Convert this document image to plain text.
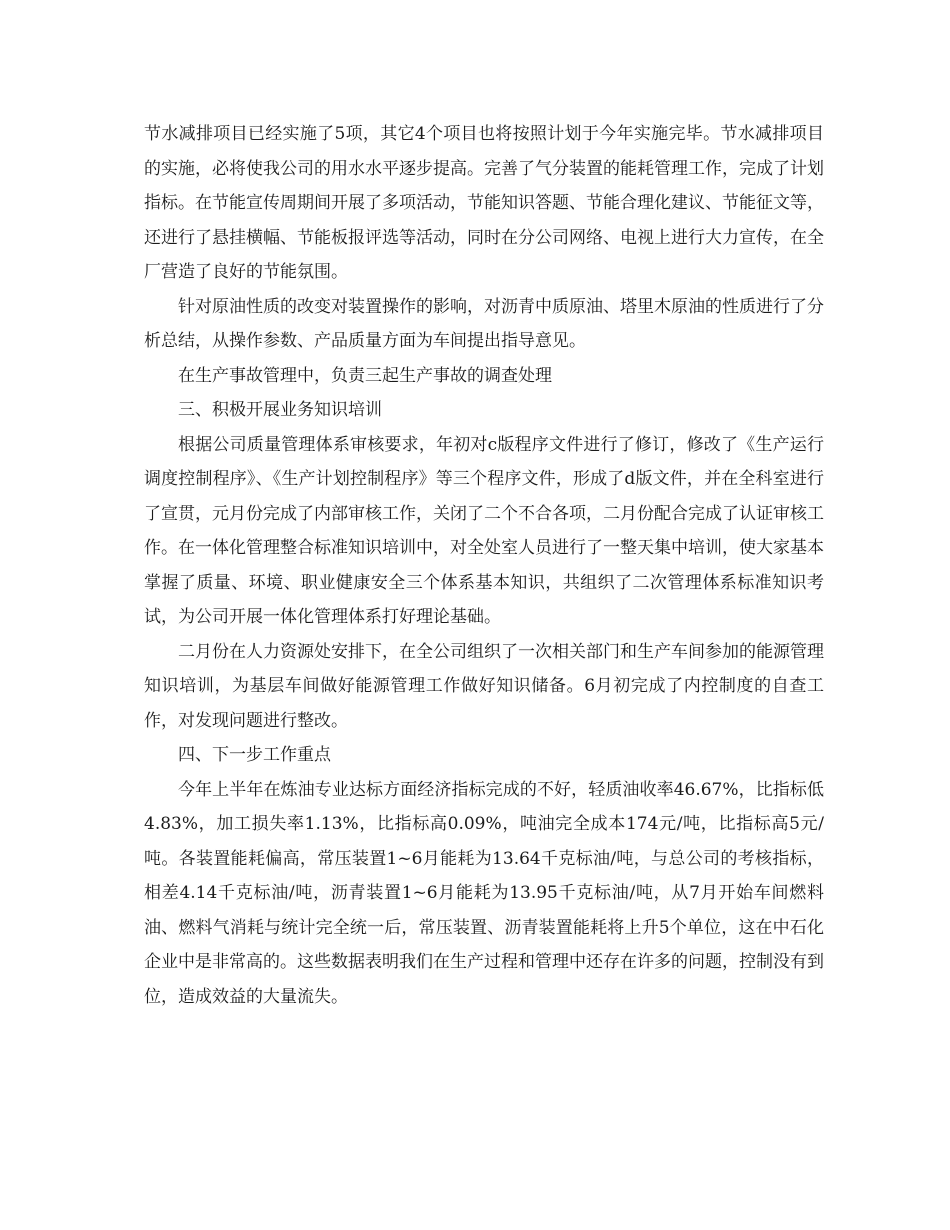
节水减排项目已经实施了5项，其它4个项目也将按照计划于今年实施完毕。节水减排项目的实施，必将使我公司的用水水平逐步提高。完善了气分装置的能耗管理工作，完成了计划指标。在节能宣传周期间开展了多项活动，节能知识答题、节能合理化建议、节能征文等，还进行了悬挂横幅、节能板报评选等活动，同时在分公司网络、电视上进行大力宣传，在全厂营造了良好的节能氛围。

针对原油性质的改变对装置操作的影响，对沥青中质原油、塔里木原油的性质进行了分析总结，从操作参数、产品质量方面为车间提出指导意见。

在生产事故管理中，负责三起生产事故的调查处理

三、积极开展业务知识培训

根据公司质量管理体系审核要求，年初对c版程序文件进行了修订，修改了《生产运行调度控制程序》、《生产计划控制程序》等三个程序文件，形成了d版文件，并在全科室进行了宣贯，元月份完成了内部审核工作，关闭了二个不合各项，二月份配合完成了认证审核工作。在一体化管理整合标准知识培训中，对全处室人员进行了一整天集中培训，使大家基本掌握了质量、环境、职业健康安全三个体系基本知识，共组织了二次管理体系标准知识考试，为公司开展一体化管理体系打好理论基础。

二月份在人力资源处安排下，在全公司组织了一次相关部门和生产车间参加的能源管理知识培训，为基层车间做好能源管理工作做好知识储备。6月初完成了内控制度的自查工作，对发现问题进行整改。

四、下一步工作重点

今年上半年在炼油专业达标方面经济指标完成的不好，轻质油收率46.67%，比指标低4.83%，加工损失率1.13%，比指标高0.09%，吨油完全成本174元/吨，比指标高5元/吨。各装置能耗偏高，常压装置1~6月能耗为13.64千克标油/吨，与总公司的考核指标，相差4.14千克标油/吨，沥青装置1~6月能耗为13.95千克标油/吨，从7月开始车间燃料油、燃料气消耗与统计完全统一后，常压装置、沥青装置能耗将上升5个单位，这在中石化企业中是非常高的。这些数据表明我们在生产过程和管理中还存在许多的问题，控制没有到位，造成效益的大量流失。
